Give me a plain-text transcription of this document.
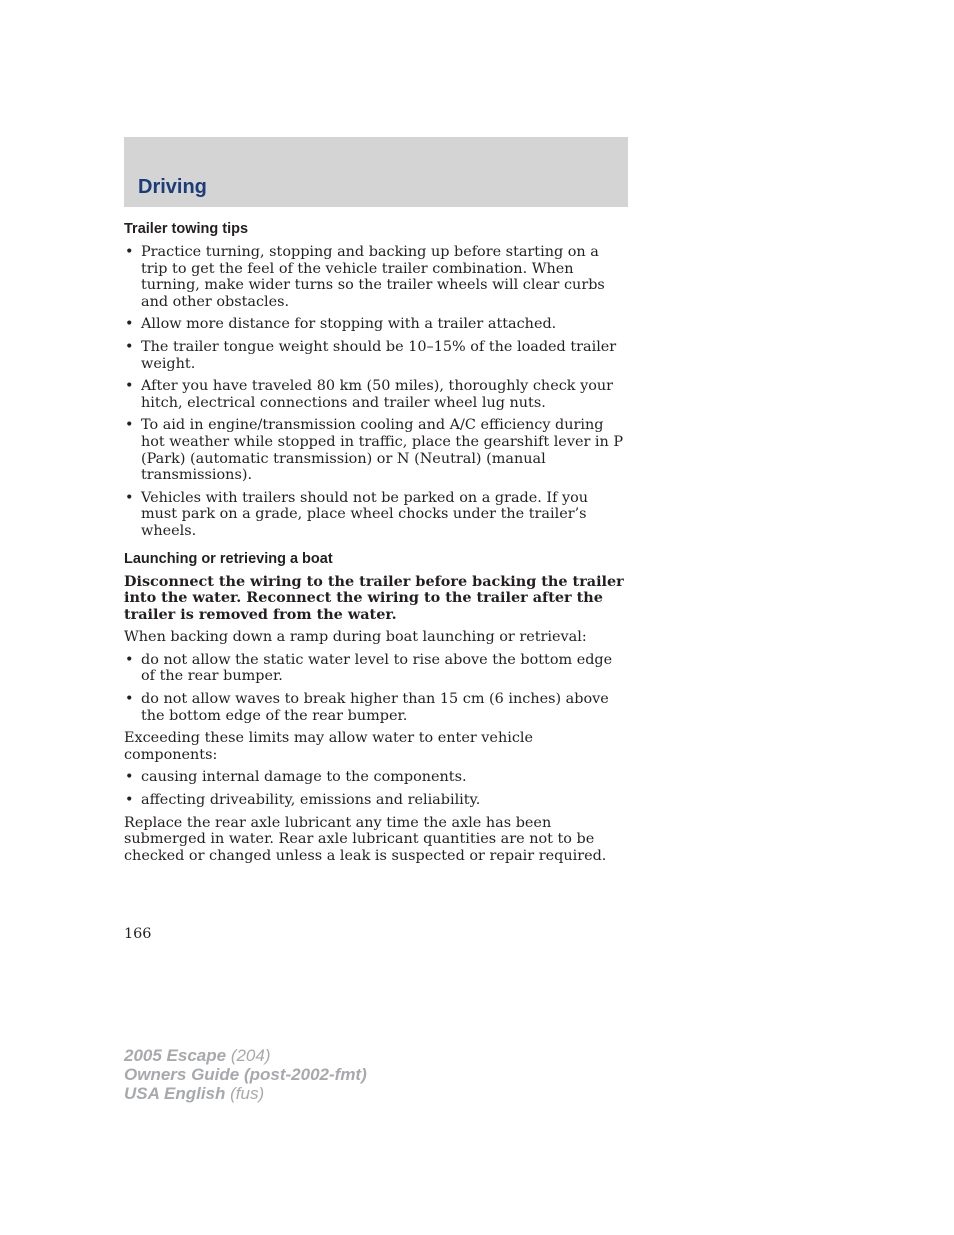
Driving
Trailer towing tips
• Practice turning, stopping and backing up before starting on a trip to get the feel of the vehicle trailer combination. When turning, make wider turns so the trailer wheels will clear curbs and other obstacles.
• Allow more distance for stopping with a trailer attached.
• The trailer tongue weight should be 10–15% of the loaded trailer weight.
• After you have traveled 80 km (50 miles), thoroughly check your hitch, electrical connections and trailer wheel lug nuts.
• To aid in engine/transmission cooling and A/C efficiency during hot weather while stopped in traffic, place the gearshift lever in P (Park) (automatic transmission) or N (Neutral) (manual transmissions).
• Vehicles with trailers should not be parked on a grade. If you must park on a grade, place wheel chocks under the trailer’s wheels.
Launching or retrieving a boat

Disconnect the wiring to the trailer before backing the trailer into the water. Reconnect the wiring to the trailer after the trailer is removed from the water.

When backing down a ramp during boat launching or retrieval:

• do not allow the static water level to rise above the bottom edge of the rear bumper.
• do not allow waves to break higher than 15 cm (6 inches) above the bottom edge of the rear bumper.

Exceeding these limits may allow water to enter vehicle components:

• causing internal damage to the components.
• affecting driveability, emissions and reliability.

Replace the rear axle lubricant any time the axle has been submerged in water. Rear axle lubricant quantities are not to be checked or changed unless a leak is suspected or repair required.

166
2005 Escape (204)
Owners Guide (post-2002-fmt)
USA English (fus)
